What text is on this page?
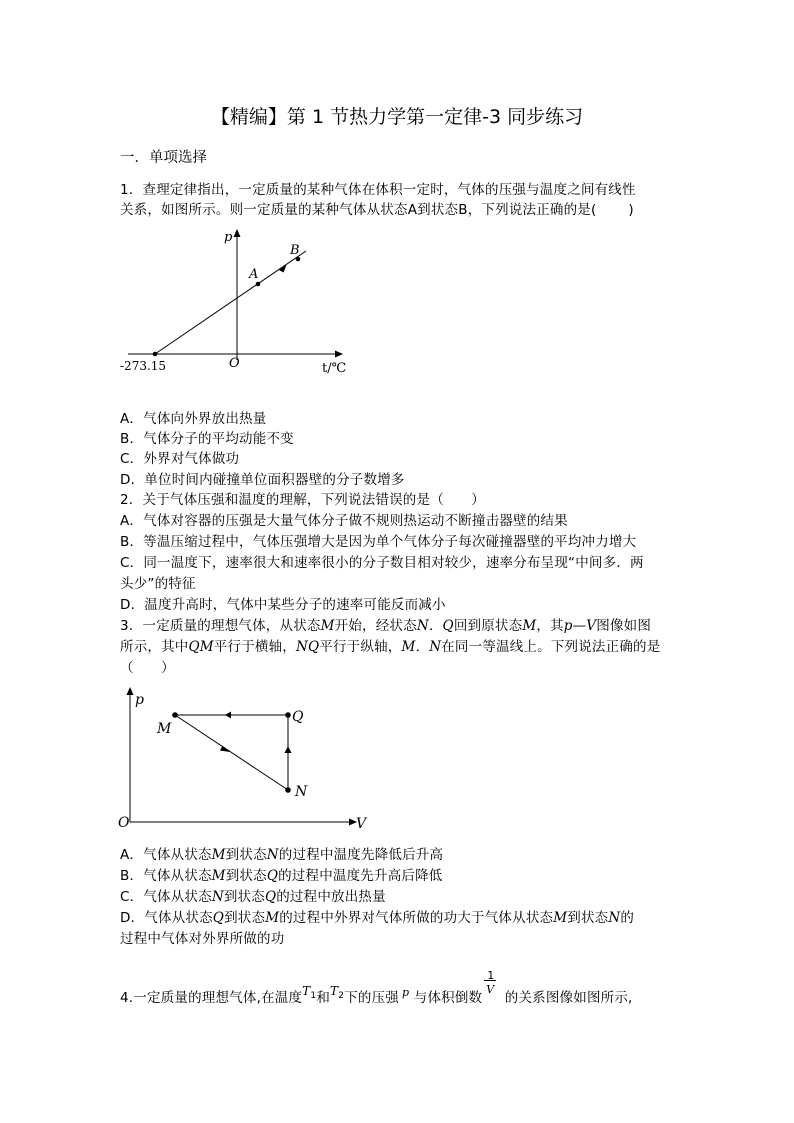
【精编】第 1 节热力学第一定律-3 同步练习
一．单项选择
1．查理定律指出，一定质量的某种气体在体积一定时，气体的压强与温度之间有线性
关系，如图所示。则一定质量的某种气体从状态A到状态B，下列说法正确的是(　　 )
p
B
A
O
-273.15	t/℃
A．气体向外界放出热量
B．气体分子的平均动能不变
C．外界对气体做功
D．单位时间内碰撞单位面积器壁的分子数增多
2．关于气体压强和温度的理解，下列说法错误的是（　　）
A．气体对容器的压强是大量气体分子做不规则热运动不断撞击器壁的结果
B．等温压缩过程中，气体压强增大是因为单个气体分子每次碰撞器壁的平均冲力增大
C．同一温度下，速率很大和速率很小的分子数目相对较少，速率分布呈现“中间多．两
头少”的特征
D．温度升高时，气体中某些分子的速率可能反而减小
3．一定质量的理想气体，从状态M开始，经状态N．Q回到原状态M，其p—V图像如图
所示，其中QM平行于横轴，NQ平行于纵轴，M．N在同一等温线上。下列说法正确的是
（　　）
p
M
Q
N
O	V
A．气体从状态M到状态N的过程中温度先降低后升高
B．气体从状态M到状态Q的过程中温度先升高后降低
C．气体从状态N到状态Q的过程中放出热量
D．气体从状态Q到状态M的过程中外界对气体所做的功大于气体从状态M到状态N的
过程中气体对外界所做的功
4.一定质量的理想气体,在温度$T^1$和$T^2$下的压强 $^p$ 与体积倒数
1
V
的关系图像如图所示,
